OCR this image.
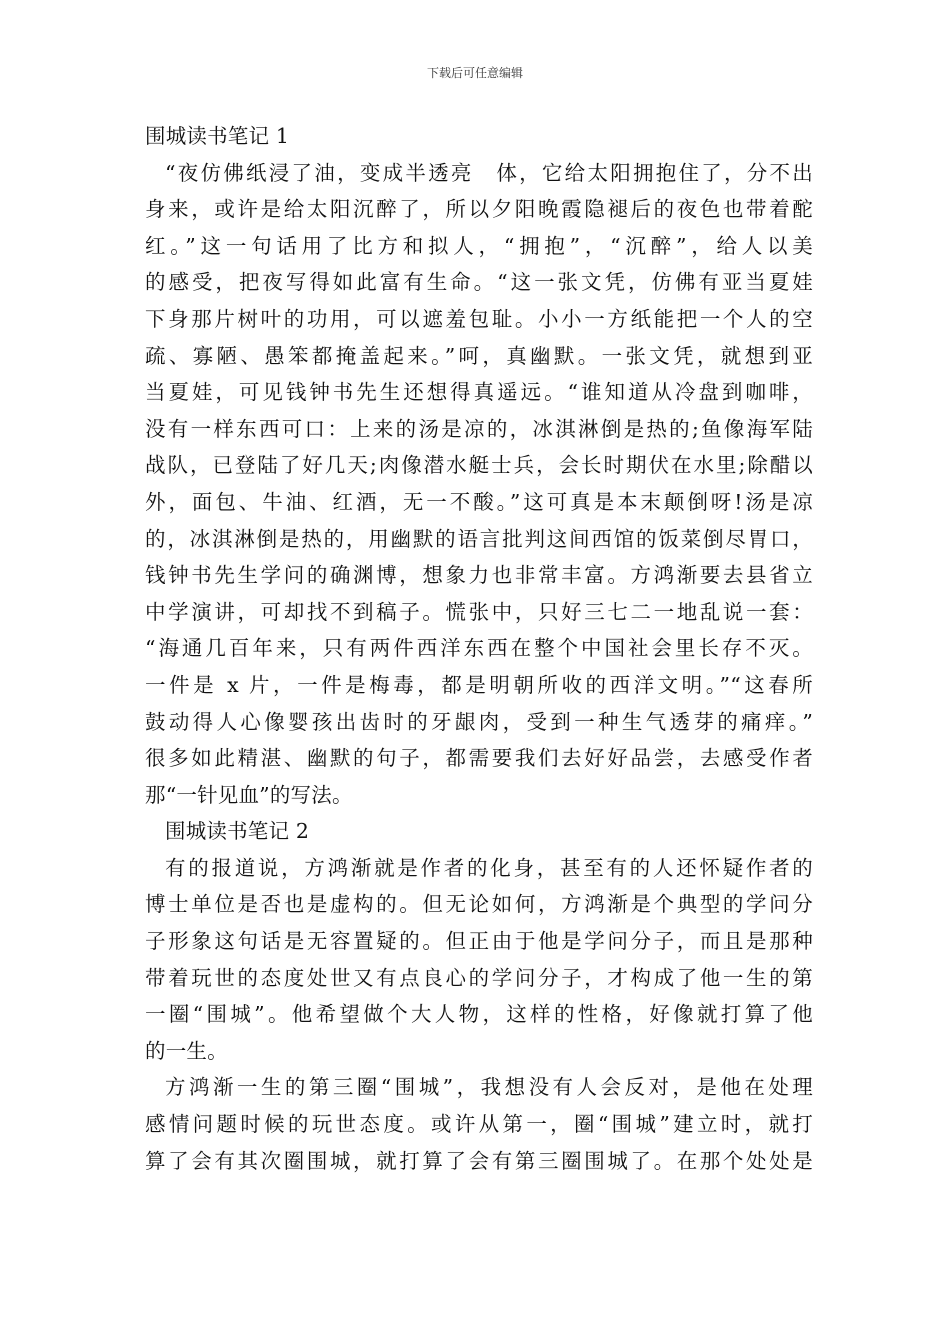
下载后可任意编辑
围城读书笔记 1
“夜仿佛纸浸了油，变成半透亮　体，它给太阳拥抱住了，分不出
身来，或许是给太阳沉醉了，所以夕阳晚霞隐褪后的夜色也带着酡
红。”这一句话用了比方和拟人，“拥抱”，“沉醉”，给人以美
的感受，把夜写得如此富有生命。“这一张文凭，仿佛有亚当夏娃
下身那片树叶的功用，可以遮羞包耻。小小一方纸能把一个人的空
疏、寡陋、愚笨都掩盖起来。”呵，真幽默。一张文凭，就想到亚
当夏娃，可见钱钟书先生还想得真遥远。“谁知道从冷盘到咖啡，
没有一样东西可口：上来的汤是凉的，冰淇淋倒是热的;鱼像海军陆
战队，已登陆了好几天;肉像潜水艇士兵，会长时期伏在水里;除醋以
外，面包、牛油、红酒，无一不酸。”这可真是本末颠倒呀!汤是凉
的，冰淇淋倒是热的，用幽默的语言批判这间西馆的饭菜倒尽胃口，
钱钟书先生学问的确渊博，想象力也非常丰富。方鸿渐要去县省立
中学演讲，可却找不到稿子。慌张中，只好三七二一地乱说一套：
“海通几百年来，只有两件西洋东西在整个中国社会里长存不灭。
一件是 x 片，一件是梅毒，都是明朝所收的西洋文明。”“这春所
鼓动得人心像婴孩出齿时的牙龈肉，受到一种生气透芽的痛痒。”
很多如此精湛、幽默的句子，都需要我们去好好品尝，去感受作者
那“一针见血”的写法。
围城读书笔记 2
有的报道说，方鸿渐就是作者的化身，甚至有的人还怀疑作者的
博士单位是否也是虚构的。但无论如何，方鸿渐是个典型的学问分
子形象这句话是无容置疑的。但正由于他是学问分子，而且是那种
带着玩世的态度处世又有点良心的学问分子，才构成了他一生的第
一圈“围城”。他希望做个大人物，这样的性格，好像就打算了他
的一生。
方鸿渐一生的第三圈“围城”，我想没有人会反对，是他在处理
感情问题时候的玩世态度。或许从第一，圈“围城”建立时，就打
算了会有其次圈围城，就打算了会有第三圈围城了。在那个处处是
